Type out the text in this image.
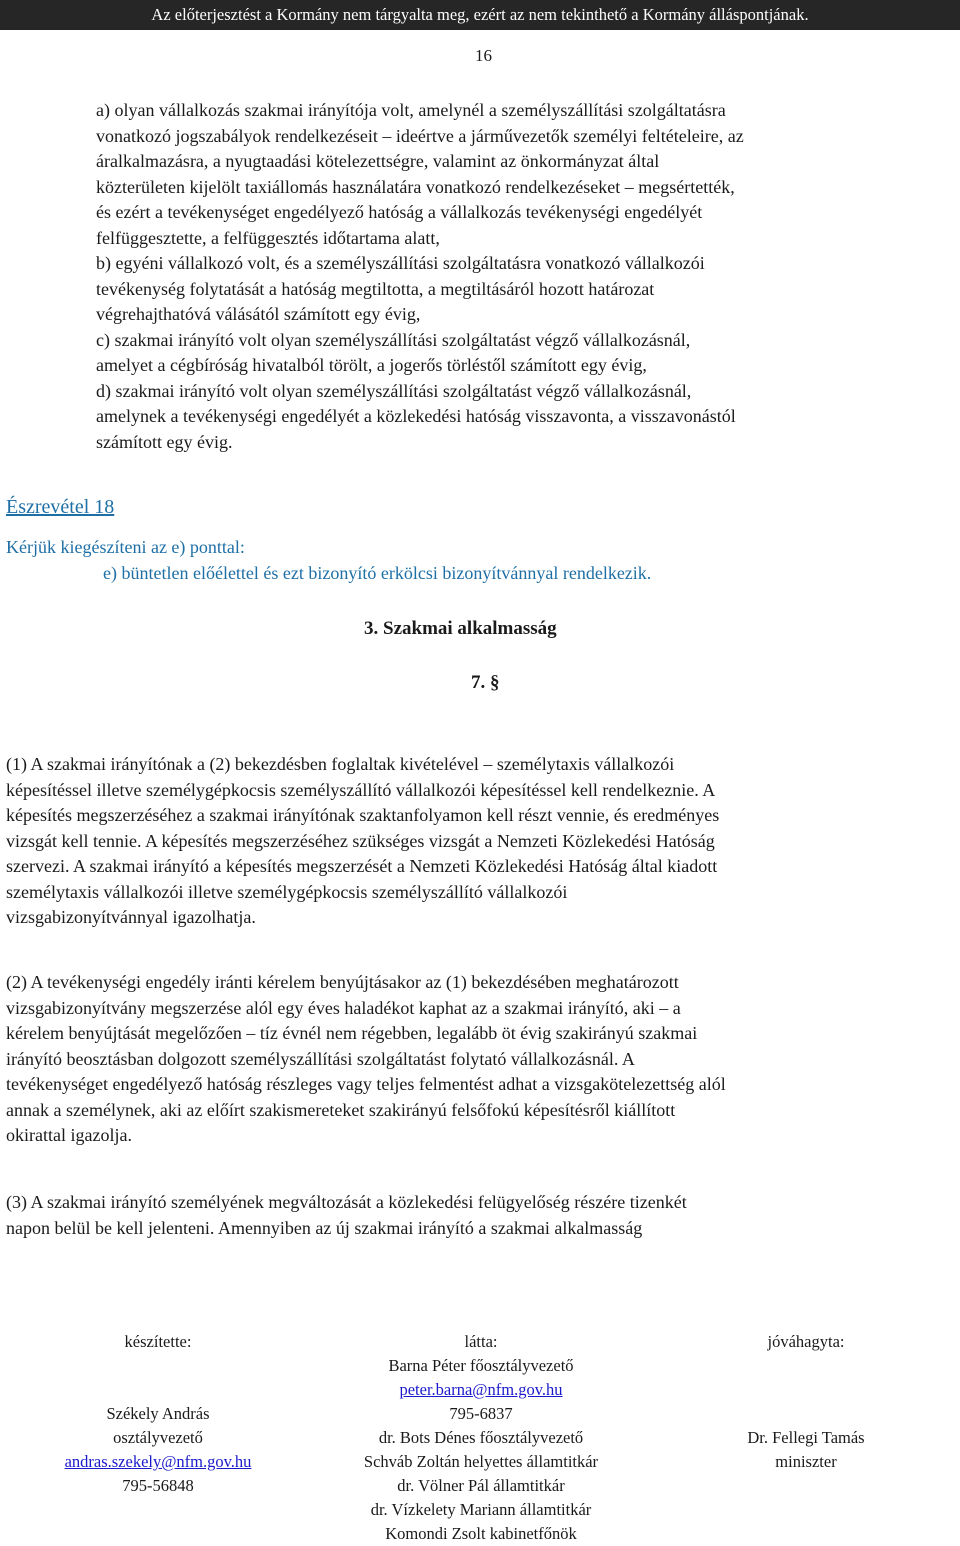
Az előterjesztést a Kormány nem tárgyalta meg, ezért az nem tekinthető a Kormány álláspontjának.
16
a) olyan vállalkozás szakmai irányítója volt, amelynél a személyszállítási szolgáltatásra
vonatkozó jogszabályok rendelkezéseit – ideértve a járművezetők személyi feltételeire, az
áralkalmazásra, a nyugtaadási kötelezettségre, valamint az önkormányzat által
közterületen kijelölt taxiállomás használatára vonatkozó rendelkezéseket – megsértették,
és ezért a tevékenységet engedélyező hatóság a vállalkozás tevékenységi engedélyét
felfüggesztette, a felfüggesztés időtartama alatt,
b) egyéni vállalkozó volt, és a személyszállítási szolgáltatásra vonatkozó vállalkozói
tevékenység folytatását a hatóság megtiltotta, a megtiltásáról hozott határozat
végrehajthatóvá válásától számított egy évig,
c) szakmai irányító volt olyan személyszállítási szolgáltatást végző vállalkozásnál,
amelyet a cégbíróság hivatalból törölt, a jogerős törléstől számított egy évig,
d) szakmai irányító volt olyan személyszállítási szolgáltatást végző vállalkozásnál,
amelynek a tevékenységi engedélyét a közlekedési hatóság visszavonta, a visszavonástól
számított egy évig.
Észrevétel 18
Kérjük kiegészíteni az e) ponttal:
e) büntetlen előélettel és ezt bizonyító erkölcsi bizonyítvánnyal rendelkezik.
3. Szakmai alkalmasság
7. §
(1) A szakmai irányítónak a (2) bekezdésben foglaltak kivételével – személytaxis vállalkozói
képesítéssel illetve személygépkocsis személyszállító vállalkozói képesítéssel kell rendelkeznie. A
képesítés megszerzéséhez a szakmai irányítónak szaktanfolyamon kell részt vennie, és eredményes
vizsgát kell tennie. A képesítés megszerzéséhez szükséges vizsgát a Nemzeti Közlekedési Hatóság
szervezi. A szakmai irányító a képesítés megszerzését a Nemzeti Közlekedési Hatóság által kiadott
személytaxis vállalkozói illetve személygépkocsis személyszállító vállalkozói
vizsgabizonyítvánnyal igazolhatja.
(2) A tevékenységi engedély iránti kérelem benyújtásakor az (1) bekezdésében meghatározott
vizsgabizonyítvány megszerzése alól egy éves haladékot kaphat az a szakmai irányító, aki – a
kérelem benyújtását megelőzően – tíz évnél nem régebben, legalább öt évig szakirányú szakmai
irányító beosztásban dolgozott személyszállítási szolgáltatást folytató vállalkozásnál. A
tevékenységet engedélyező hatóság részleges vagy teljes felmentést adhat a vizsgakötelezettség alól
annak a személynek, aki az előírt szakismereteket szakirányú felsőfokú képesítésről kiállított
okirattal igazolja.
(3) A szakmai irányító személyének megváltozását a közlekedési felügyelőség részére tizenkét
napon belül be kell jelenteni. Amennyiben az új szakmai irányító a szakmai alkalmasság
készítette:
Székely András
osztályvezető
andras.szekely@nfm.gov.hu
795-56848
látta:
Barna Péter főosztályvezető
peter.barna@nfm.gov.hu
795-6837
dr. Bots Dénes főosztályvezető
Schváb Zoltán helyettes államtitkár
dr. Völner Pál államtitkár
dr. Vízkelety Mariann államtitkár
Komondi Zsolt kabinetfőnök
jóváhagyta:
Dr. Fellegi Tamás
miniszter
